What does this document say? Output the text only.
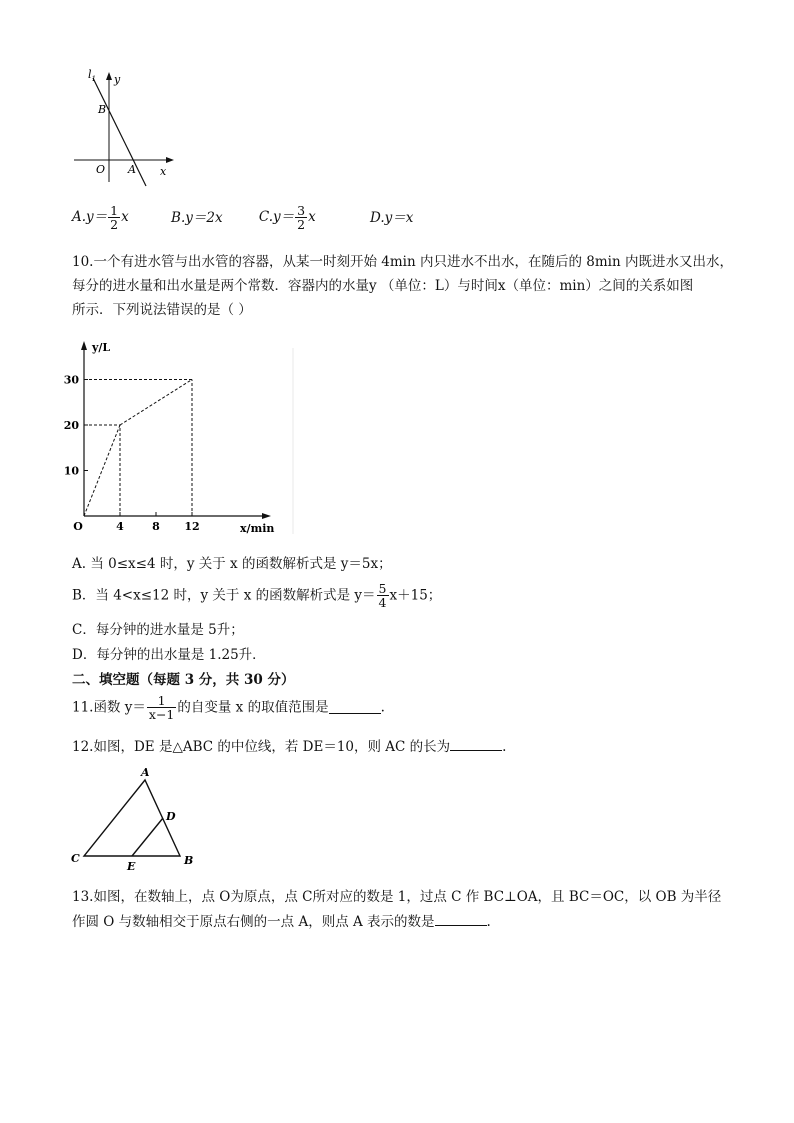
$l_1$ y
B
O A x
$A.y= \frac{1}{2}$ x	B.y＝2x	$C.y= \frac{3}{2}$ x	D.y＝x
10.一个有进水管与出水管的容器，从某一时刻开始 4min 内只进水不出水，在随后的 8min 内既进水又出水，
每分的进水量和出水量是两个常数．容器内的水量y （单位：L）与时间x（单位：min）之间的关系如图
所示．下列说法错误的是（ ）
4	8 12
10
20
30
O
y/L
x/min
A. 当 0≤x≤4 时，y 关于 x 的函数解析式是 y＝5x；
B．当 4<x≤12 时，y 关于 x 的函数解析式是 $y= \frac{5}{4} x+15$；
C．每分钟的进水量是 5升；
D．每分钟的出水量是 1.25升．
二、填空题（每题 3 分，共 30 分）
11.函数 $y= \frac{1}{x-1}$ 的自变量 x 的取值范围是	.
12.如图，DE 是△ABC 的中位线，若 DE＝10，则 AC 的长为	.
A
D
C
E	B
13.如图，在数轴上，点 O为原点，点 C所对应的数是 1，过点 C 作 BC⊥OA，且 BC＝OC，以 OB 为半径
作圆 O 与数轴相交于原点右侧的一点 A，则点 A 表示的数是	.
